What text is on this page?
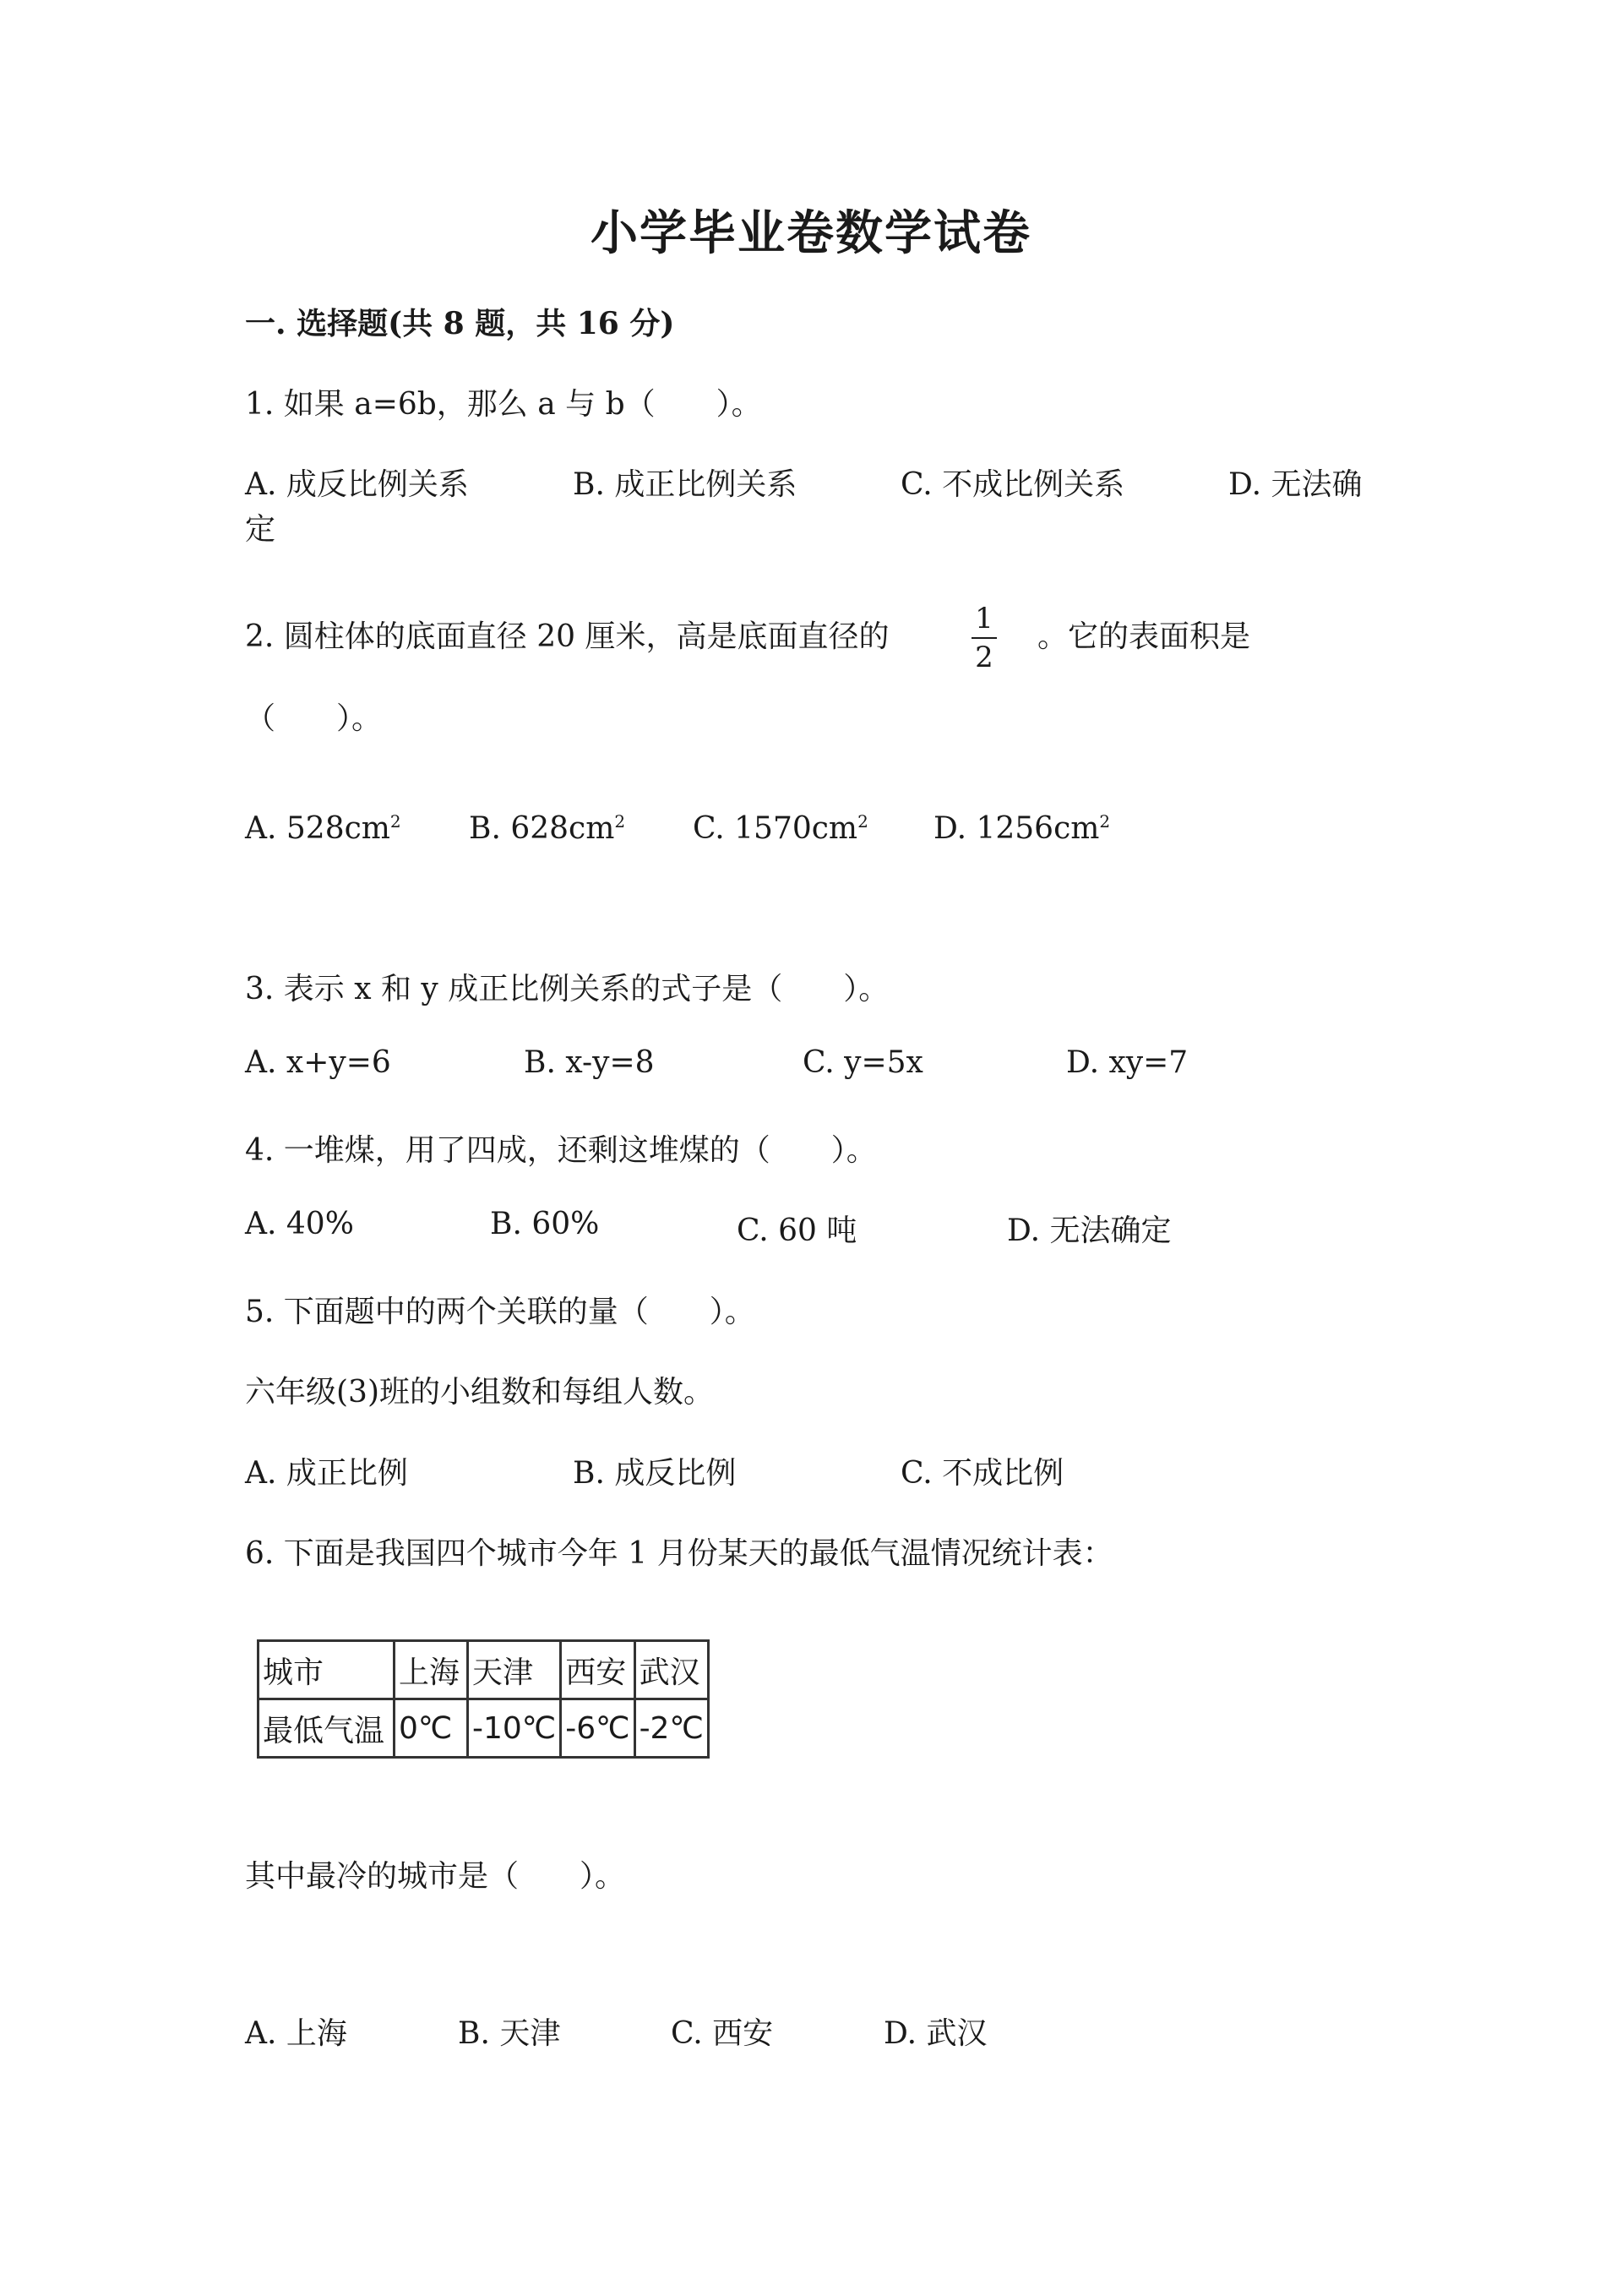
小学毕业卷数学试卷
一. 选择题(共 8 题，共 16 分)
1. 如果 a=6b，那么 a 与 b（　　）。
A. 成反比例关系	B. 成正比例关系	C. 不成比例关系	D. 无法确
定
2. 圆柱体的底面直径 20 厘米，高是底面直径的
1
2
。它的表面积是
（　　）。
A. $528cm^2$ B. $628cm^2$ C. $1570cm^2$ D. $1256cm^2$
3. 表示 x 和 y 成正比例关系的式子是（　　）。
A. x+y=6	B. x-y=8	C. y=5x	D. xy=7
4. 一堆煤，用了四成，还剩这堆煤的（　　）。
A. 40%	B. 60%	C. 60 吨	D. 无法确定
5. 下面题中的两个关联的量（　　）。
六年级(3)班的小组数和每组人数。
A. 成正比例	B. 成反比例	C. 不成比例
6. 下面是我国四个城市今年 1 月份某天的最低气温情况统计表：
城市	上海	天津	西安	武汉
最低气温	0℃	-10℃	-6℃	-2℃
其中最冷的城市是（　　）。
A. 上海	B. 天津	C. 西安	D. 武汉
